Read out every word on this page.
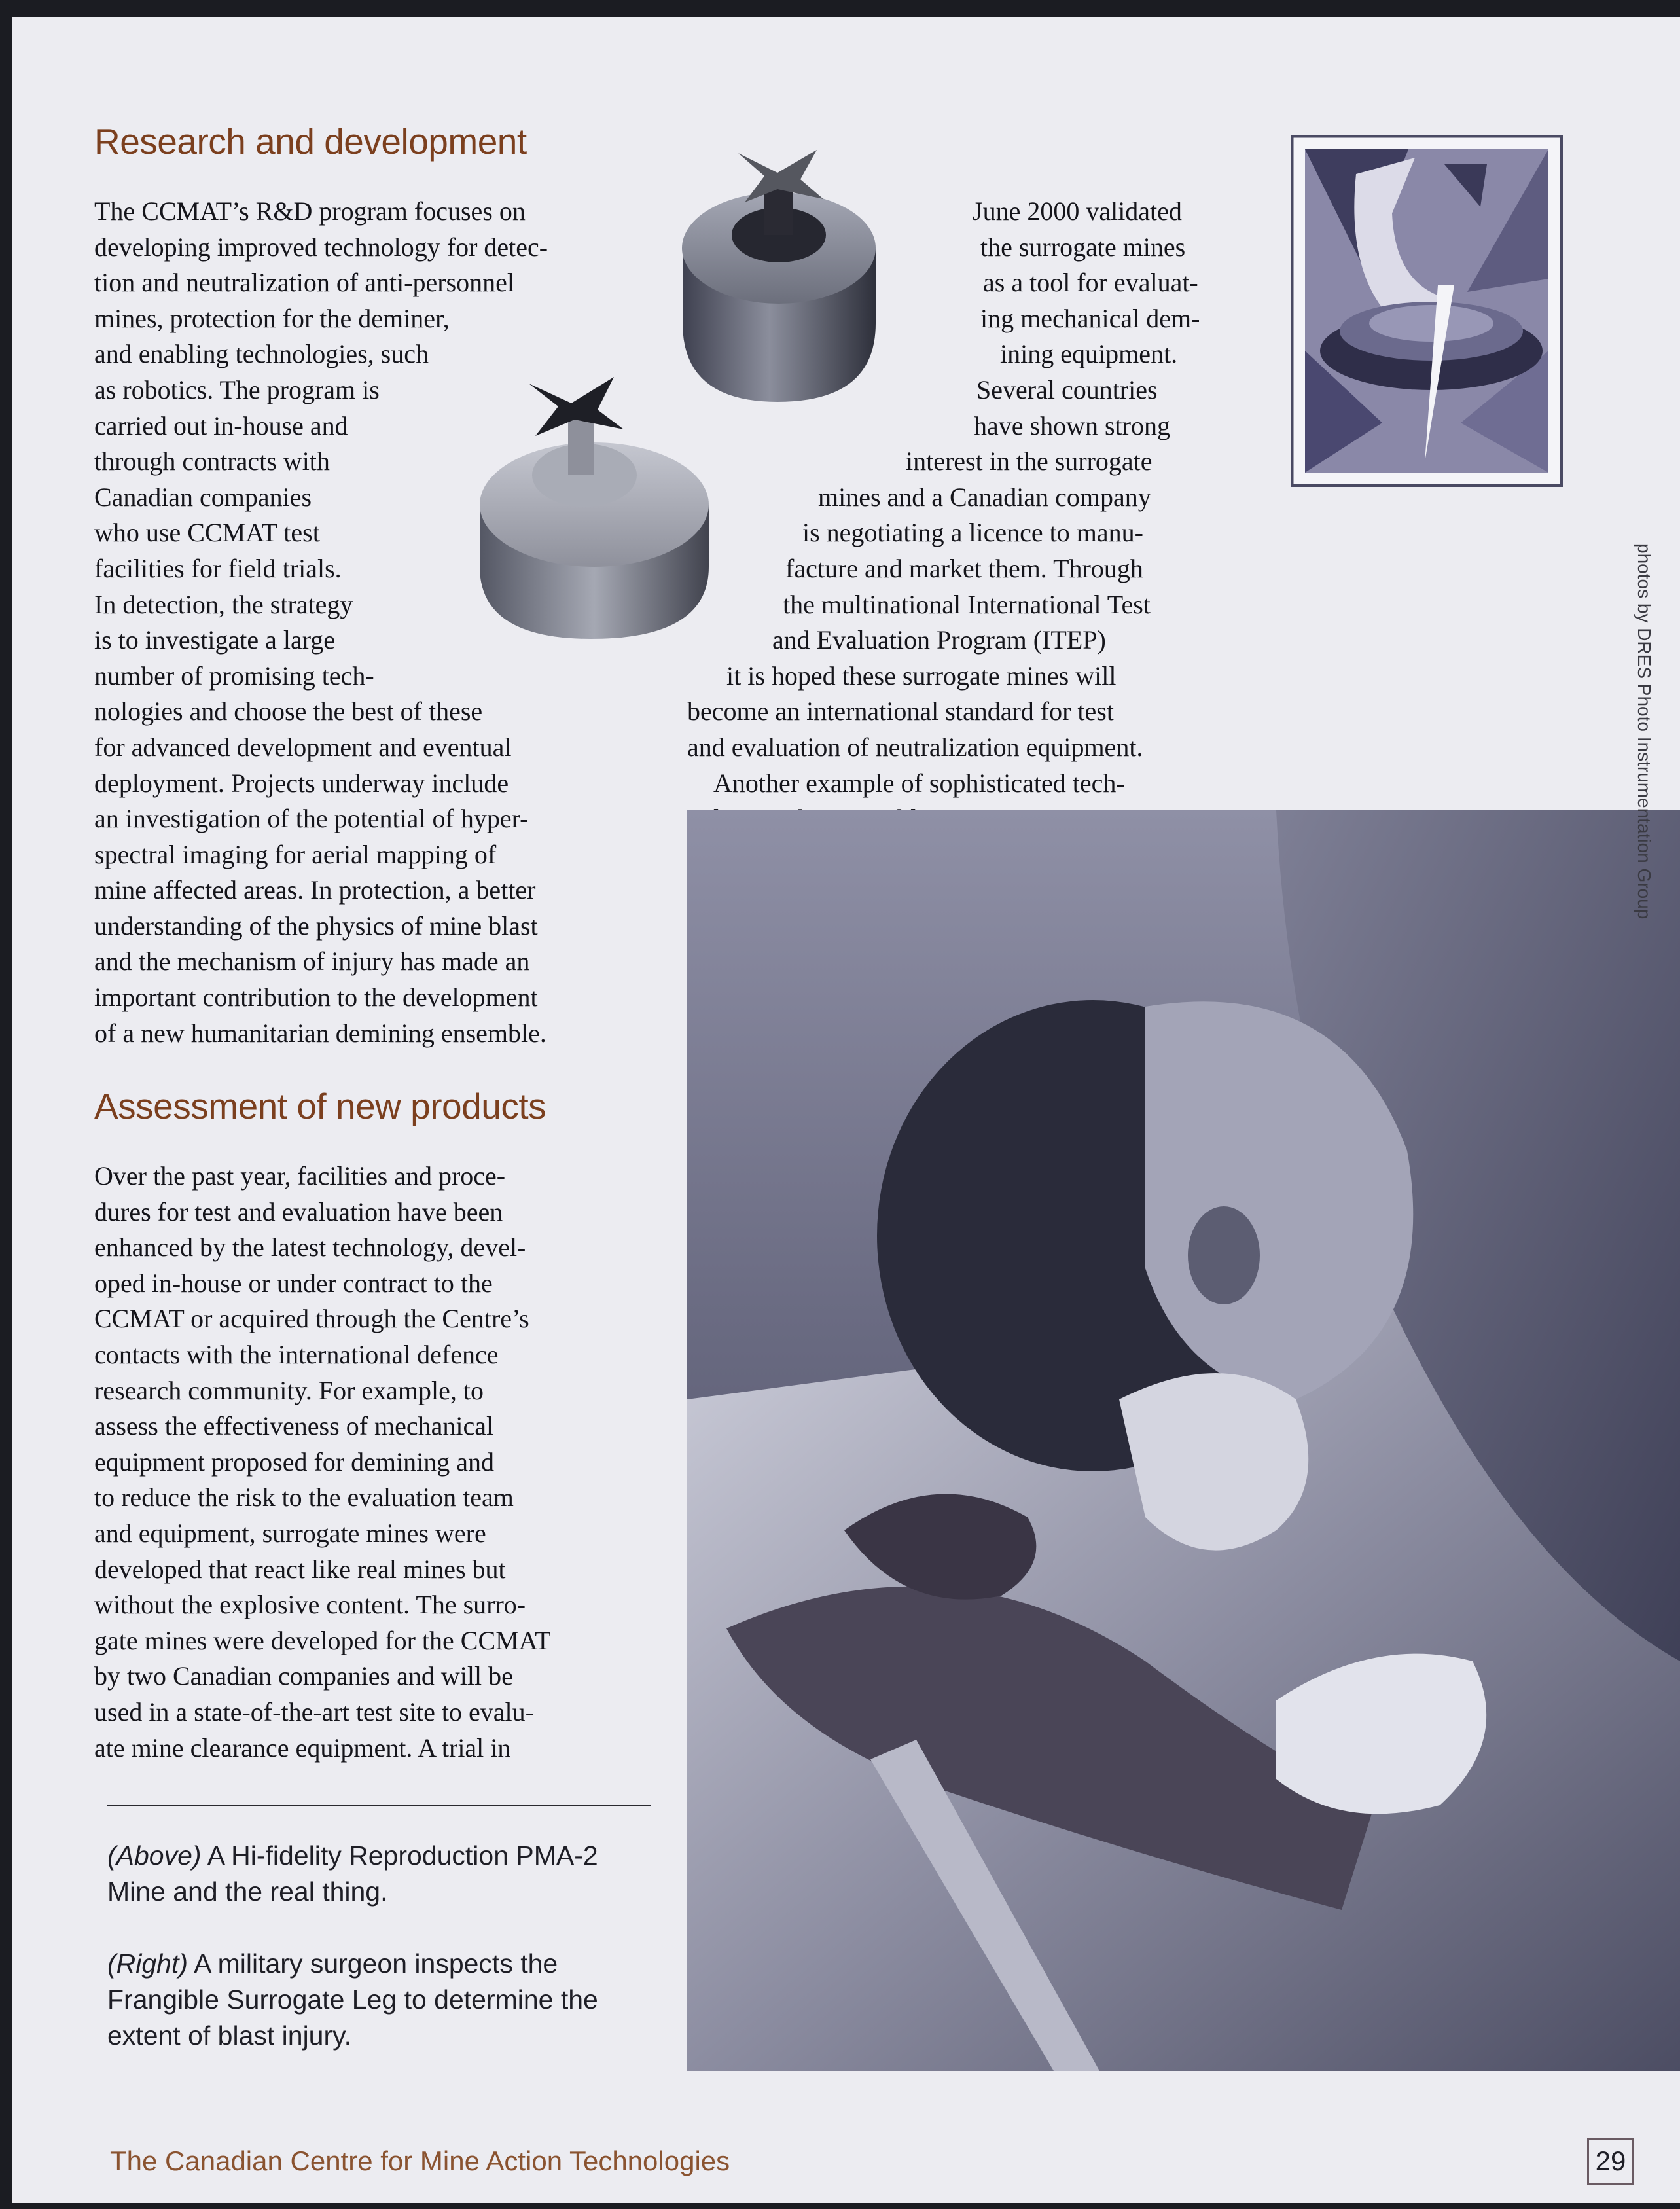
Research and development
The CCMAT’s R&D program focuses on
developing improved technology for detec-
tion and neutralization of anti-personnel
mines, protection for the deminer,
and enabling technologies, such
as robotics. The program is
carried out in-house and
through contracts with
Canadian companies
who use CCMAT test
facilities for field trials.
In detection, the strategy
is to investigate a large
number of promising tech-
nologies and choose the best of these
for advanced development and eventual
deployment. Projects underway include
an investigation of the potential of hyper-
spectral imaging for aerial mapping of
mine affected areas. In protection, a better
understanding of the physics of mine blast
and the mechanism of injury has made an
important contribution to the development
of a new humanitarian demining ensemble.
Assessment of new products
Over the past year, facilities and proce-
dures for test and evaluation have been
enhanced by the latest technology, devel-
oped in-house or under contract to the
CCMAT or acquired through the Centre’s
contacts with the international defence
research community. For example, to
assess the effectiveness of mechanical
equipment proposed for demining and
to reduce the risk to the evaluation team
and equipment, surrogate mines were
developed that react like real mines but
without the explosive content. The surro-
gate mines were developed for the CCMAT
by two Canadian companies and will be
used in a state-of-the-art test site to evalu-
ate mine clearance equipment. A trial in
June 2000 validated
the surrogate mines
as a tool for evaluat-
ing mechanical dem-
ining equipment.
Several countries
have shown strong
interest in the surrogate
mines and a Canadian company
is negotiating a licence to manu-
facture and market them. Through
the multinational International Test
and Evaluation Program (ITEP)
it is hoped these surrogate mines will
become an international standard for test
and evaluation of neutralization equipment.
Another example of sophisticated tech-
(Above) A Hi-fidelity Reproduction PMA-2 Mine and the real thing.
(Right) A military surgeon inspects the Frangible Surrogate Leg to determine the extent of blast injury.
The Canadian Centre for Mine Action Technologies	29
photos by DRES Photo Instrumentation Group
